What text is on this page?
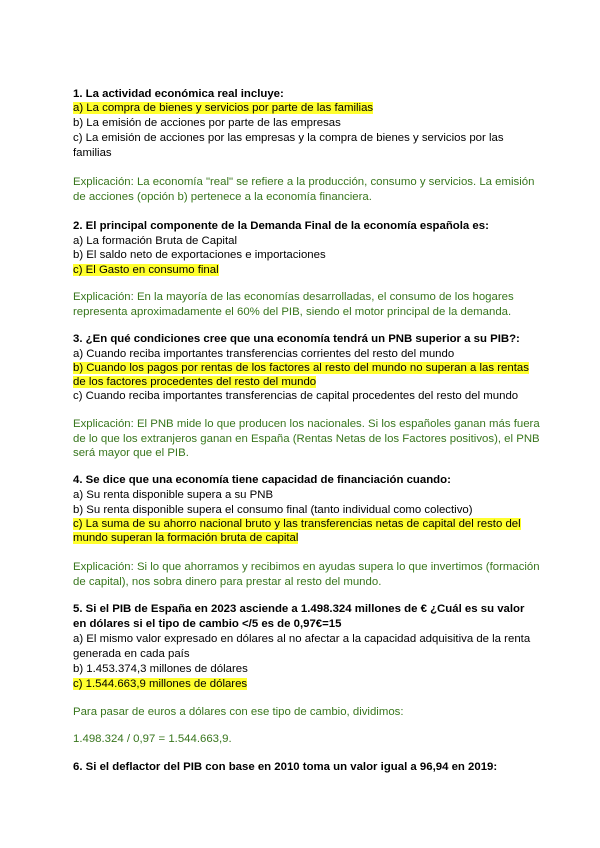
1. La actividad económica real incluye:
a) La compra de bienes y servicios por parte de las familias
b) La emisión de acciones por parte de las empresas
c) La emisión de acciones por las empresas y la compra de bienes y servicios por las
familias
Explicación: La economía "real" se refiere a la producción, consumo y servicios. La emisión
de acciones (opción b) pertenece a la economía financiera.
2. El principal componente de la Demanda Final de la economía española es:
a) La formación Bruta de Capital
b) El saldo neto de exportaciones e importaciones
c) El Gasto en consumo final
Explicación: En la mayoría de las economías desarrolladas, el consumo de los hogares
representa aproximadamente el 60% del PIB, siendo el motor principal de la demanda.
3. ¿En qué condiciones cree que una economía tendrá un PNB superior a su PIB?:
a) Cuando reciba importantes transferencias corrientes del resto del mundo
b) Cuando los pagos por rentas de los factores al resto del mundo no superan a las rentas
de los factores procedentes del resto del mundo
c) Cuando reciba importantes transferencias de capital procedentes del resto del mundo
Explicación: El PNB mide lo que producen los nacionales. Si los españoles ganan más fuera
de lo que los extranjeros ganan en España (Rentas Netas de los Factores positivos), el PNB
será mayor que el PIB.
4. Se dice que una economía tiene capacidad de financiación cuando:
a) Su renta disponible supera a su PNB
b) Su renta disponible supera el consumo final (tanto individual como colectivo)
c) La suma de su ahorro nacional bruto y las transferencias netas de capital del resto del
mundo superan la formación bruta de capital
Explicación: Si lo que ahorramos y recibimos en ayudas supera lo que invertimos (formación
de capital), nos sobra dinero para prestar al resto del mundo.
5. Si el PIB de España en 2023 asciende a 1.498.324 millones de € ¿Cuál es su valor
en dólares si el tipo de cambio </5 es de 0,97€=15
a) El mismo valor expresado en dólares al no afectar a la capacidad adquisitiva de la renta
generada en cada país
b) 1.453.374,3 millones de dólares
c) 1.544.663,9 millones de dólares
Para pasar de euros a dólares con ese tipo de cambio, dividimos:
1.498.324 / 0,97 = 1.544.663,9.
6. Si el deflactor del PIB con base en 2010 toma un valor igual a 96,94 en 2019:
